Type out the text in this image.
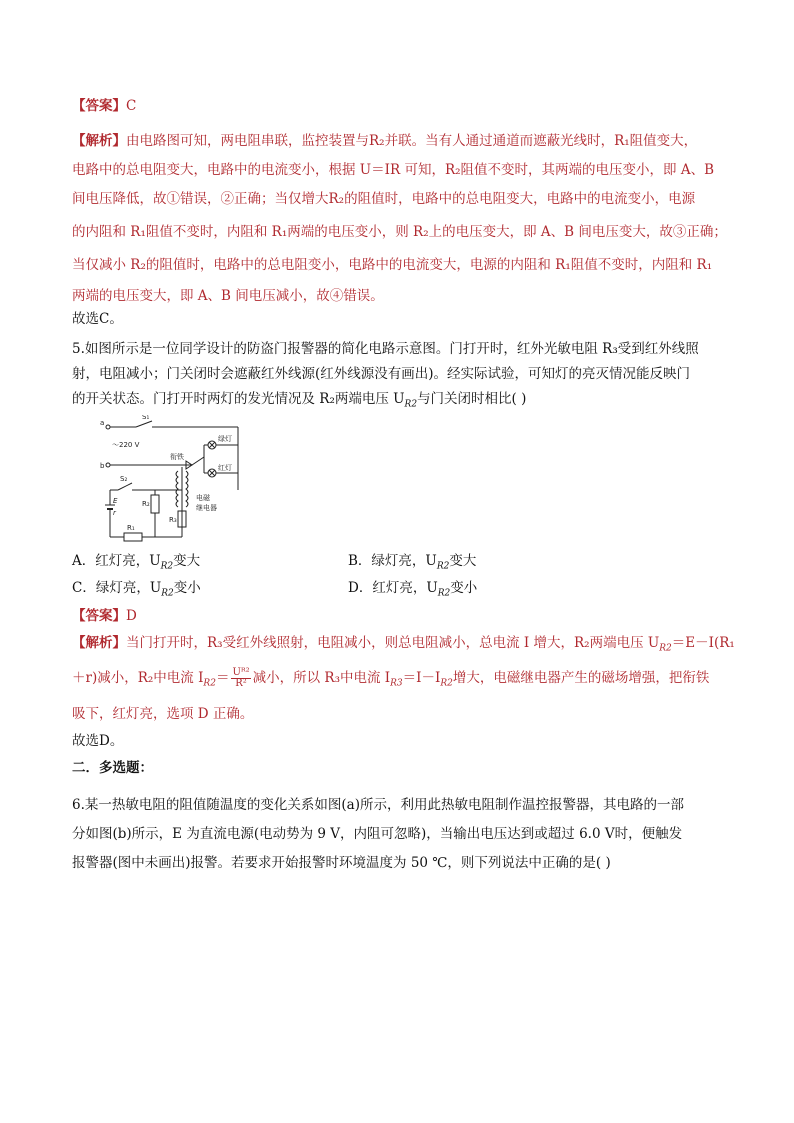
【答案】C
【解析】由电路图可知，两电阻串联，监控装置与R₂并联。当有人通过通道而遮蔽光线时，R₁阻值变大，
电路中的总电阻变大，电路中的电流变小，根据 U＝IR 可知，R₂阻值不变时，其两端的电压变小，即 A、B
间电压降低，故①错误，②正确；当仅增大R₂的阻值时，电路中的总电阻变大，电路中的电流变小，电源
的内阻和 R₁阻值不变时，内阻和 R₁两端的电压变小，则 R₂上的电压变大，即 A、B 间电压变大，故③正确；
当仅减小 R₂的阻值时，电路中的总电阻变小，电路中的电流变大，电源的内阻和 R₁阻值不变时，内阻和 R₁
两端的电压变大，即 A、B 间电压减小，故④错误。
故选C。
5.如图所示是一位同学设计的防盗门报警器的简化电路示意图。门打开时，红外光敏电阻 R₃受到红外线照
射，电阻减小；门关闭时会遮蔽红外线源(红外线源没有画出)。经实际试验，可知灯的亮灭情况能反映门
的开关状态。门打开时两灯的发光情况及 R₂两端电压 $U_{R2}$与门关闭时相比( )
a
b
S₁
～220 V
衔铁
绿灯
红灯
S₂
E
r
R₂
R₃
R₁
电磁
继电器
A．红灯亮，$U_{R2}$变大	B．绿灯亮，$U_{R2}$变大
C．绿灯亮，$U_{R2}$变小	D．红灯亮，$U_{R2}$变小
【答案】D
【解析】当门打开时，R₃受红外线照射，电阻减小，则总电阻减小，总电流 I 增大，R₂两端电压 $U_{R2}=E-I(R_1$
＋r)减小，R₂中电流 $I_{R2}= \frac{\text{Uᴿ²}}{\text{R²}}$ 减小，所以 R₃中电流 $I_{R3}=I-I_{R2}$增大，电磁继电器产生的磁场增强，把衔铁
吸下，红灯亮，选项 D 正确。
故选D。
二．多选题：
6.某一热敏电阻的阻值随温度的变化关系如图(a)所示，利用此热敏电阻制作温控报警器，其电路的一部
分如图(b)所示，E 为直流电源(电动势为 9 V，内阻可忽略)，当输出电压达到或超过 6.0 V时，便触发
报警器(图中未画出)报警。若要求开始报警时环境温度为 50 ℃，则下列说法中正确的是( )
